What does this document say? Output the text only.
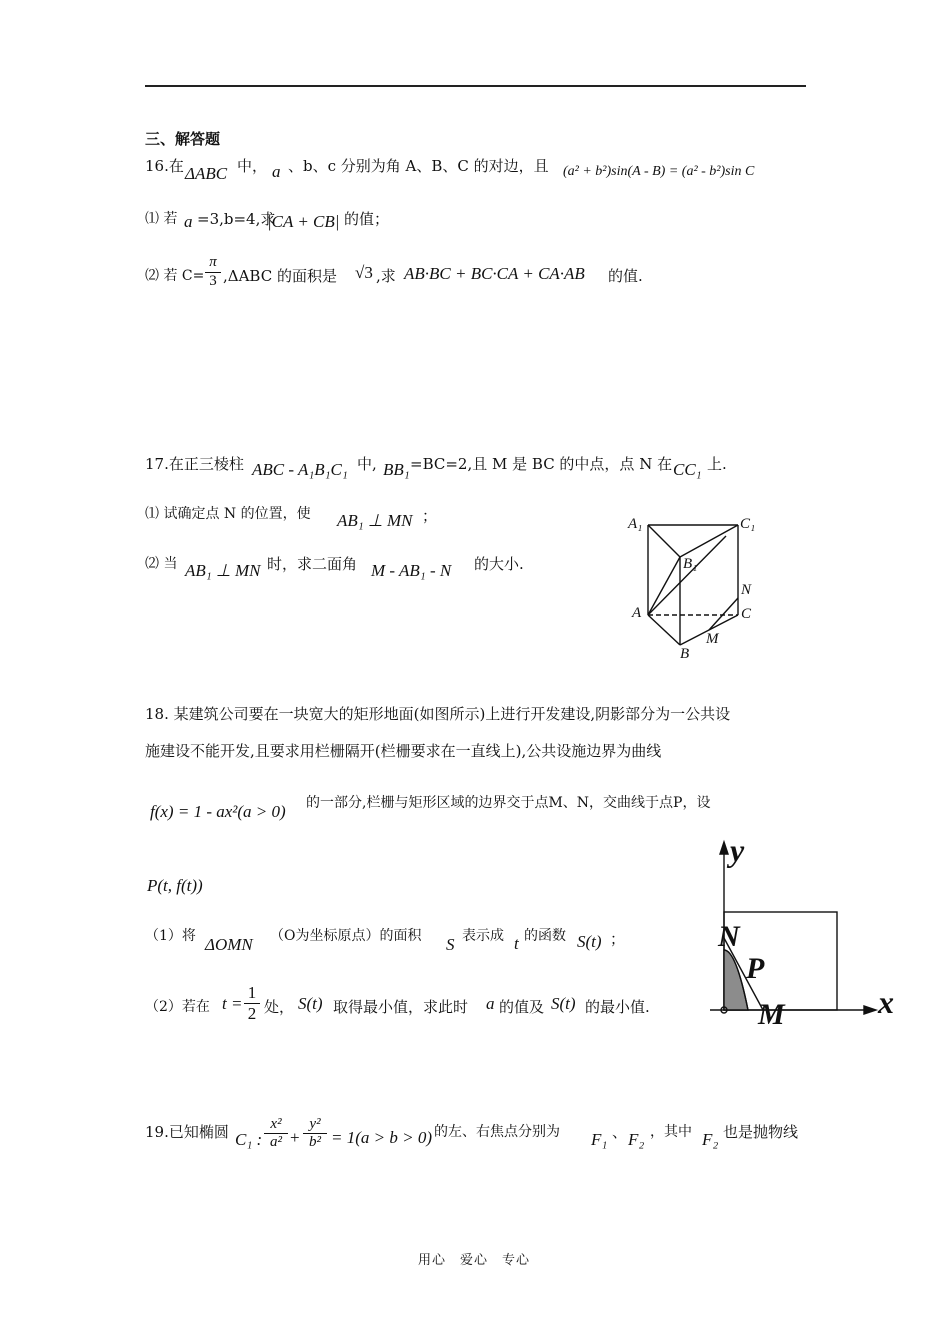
三、解答题
16.在 ΔABC 中， a 、b、c 分别为角 A、B、C 的对边，且 (a² + b²)sin(A - B) = (a² - b²)sin C
⑴ 若 a =3,b=4,求
|CA + CB| 的值；
⑵ 若 $C= \frac{\pi}{3} ,\Delta ABC$ 的面积是 √3 ,求 AB·BC + BC·CA + CA·AB 的值.
17.在正三棱柱 ABC - A₁B₁C₁ 中, BB₁ =BC=2,且 M 是 BC 的中点，点 N 在 CC₁ 上.
⑴ 试确定点 N 的位置，使 AB₁ ⊥ MN ；
⑵ 当 AB₁ ⊥ MN 时，求二面角 M - AB₁ - N 的大小.
A₁	C₁
B₁
N
A	C
M
B
18. 某建筑公司要在一块宽大的矩形地面(如图所示)上进行开发建设,阴影部分为一公共设
施建设不能开发,且要求用栏栅隔开(栏栅要求在一直线上),公共设施边界为曲线
f(x) = 1 - ax²(a > 0) 的一部分,栏栅与矩形区域的边界交于点M、N，交曲线于点P，设
P(t, f(t))
（1）将 ΔOMN （O为坐标原点）的面积 S 表示成 t 的函数 S(t) ；
（2）若在 $t = \frac{1}{2}$ 处， S(t) 取得最小值，求此时 a 的值及 S(t) 的最小值.
y
N
P
M	x
19.已知椭圆 C₁ : $\frac{\text{x²}}{\text{a²}} + \frac{\text{y²}}{\text{b²}} = 1(a > b > 0)$ 的左、右焦点分别为 F₁ 、 F₂ ，其中 F₂ 也是抛物线
用心　爱心　专心
